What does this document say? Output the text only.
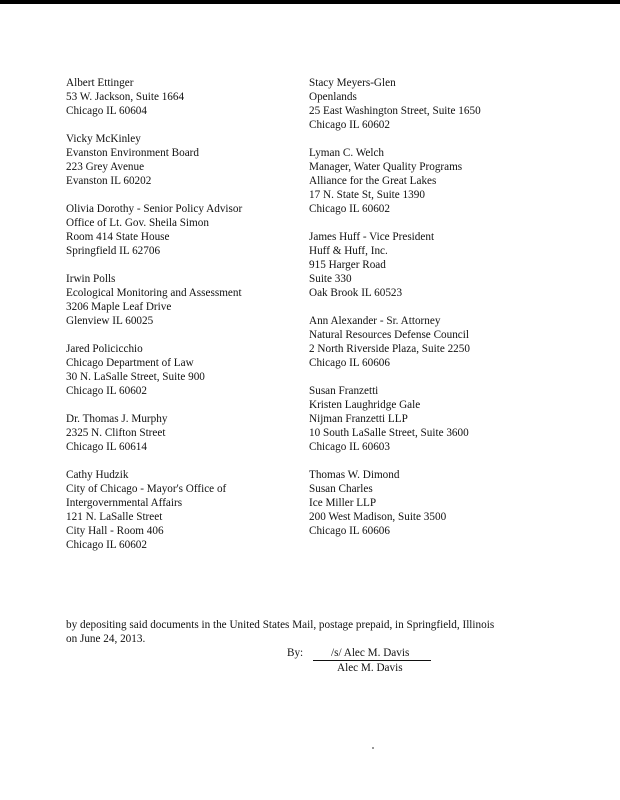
Albert Ettinger
53 W. Jackson, Suite 1664
Chicago IL 60604
Vicky McKinley
Evanston Environment Board
223 Grey Avenue
Evanston IL 60202
Olivia Dorothy - Senior Policy Advisor
Office of Lt. Gov. Sheila Simon
Room 414 State House
Springfield IL 62706
Irwin Polls
Ecological Monitoring and Assessment
3206 Maple Leaf Drive
Glenview IL 60025
Jared Policicchio
Chicago Department of Law
30 N. LaSalle Street, Suite 900
Chicago IL 60602
Dr. Thomas J. Murphy
2325 N. Clifton Street
Chicago IL 60614
Cathy Hudzik
City of Chicago - Mayor's Office of
Intergovernmental Affairs
121 N. LaSalle Street
City Hall - Room 406
Chicago IL 60602
Stacy Meyers-Glen
Openlands
25 East Washington Street, Suite 1650
Chicago IL 60602
Lyman C. Welch
Manager, Water Quality Programs
Alliance for the Great Lakes
17 N. State St, Suite 1390
Chicago IL 60602
James Huff - Vice President
Huff & Huff, Inc.
915 Harger Road
Suite 330
Oak Brook IL 60523
Ann Alexander - Sr. Attorney
Natural Resources Defense Council
2 North Riverside Plaza, Suite 2250
Chicago IL 60606
Susan Franzetti
Kristen Laughridge Gale
Nijman Franzetti LLP
10 South LaSalle Street, Suite 3600
Chicago IL 60603
Thomas W. Dimond
Susan Charles
Ice Miller LLP
200 West Madison, Suite 3500
Chicago IL 60606
by depositing said documents in the United States Mail, postage prepaid, in Springfield, Illinois
on June 24, 2013.
By:	/s/ Alec M. Davis
Alec M. Davis
